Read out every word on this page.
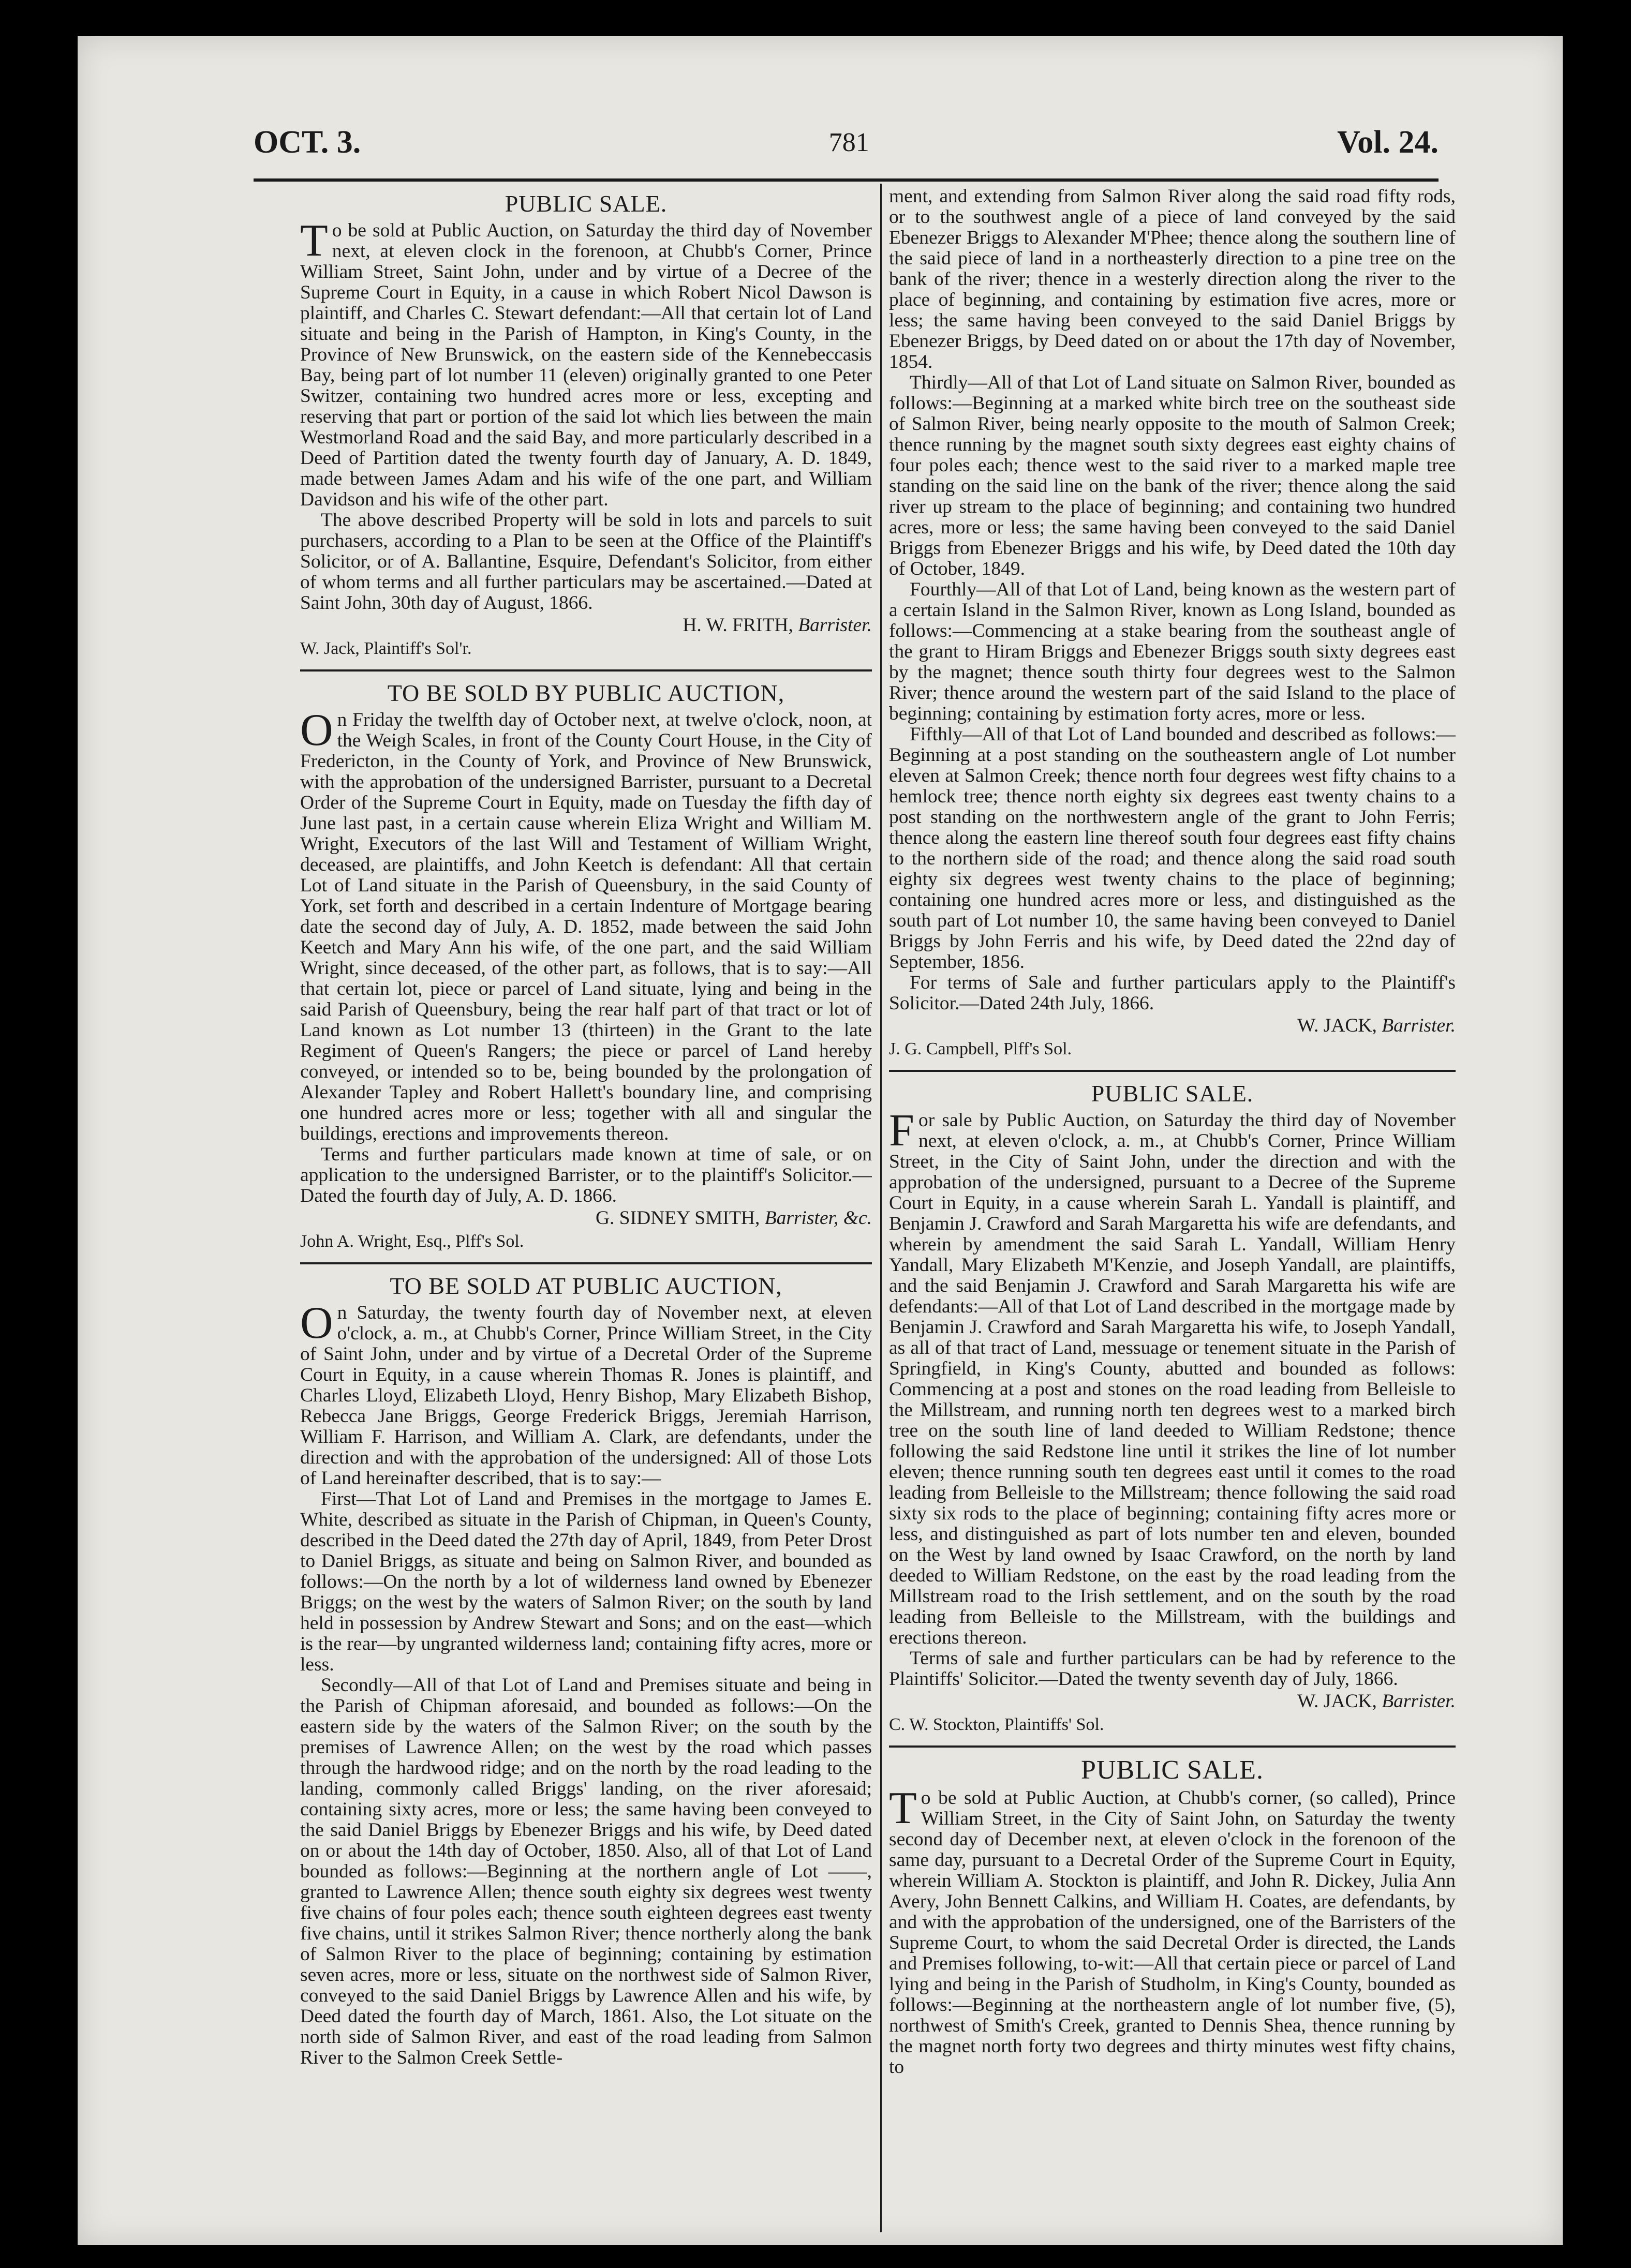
OCT. 3.	781	Vol. 24.
PUBLIC SALE.

To be sold at Public Auction, on Saturday the third day of November next, at eleven clock in the forenoon, at Chubb's Corner, Prince William Street, Saint John, under and by virtue of a Decree of the Supreme Court in Equity, in a cause in which Robert Nicol Dawson is plaintiff, and Charles C. Stewart defendant:—All that certain lot of Land situate and being in the Parish of Hampton, in King's County, in the Province of New Brunswick, on the eastern side of the Kennebeccasis Bay, being part of lot number 11 (eleven) originally granted to one Peter Switzer, containing two hundred acres more or less, excepting and reserving that part or portion of the said lot which lies between the main Westmorland Road and the said Bay, and more particularly described in a Deed of Partition dated the twenty fourth day of January, A. D. 1849, made between James Adam and his wife of the one part, and William Davidson and his wife of the other part.

The above described Property will be sold in lots and parcels to suit purchasers, according to a Plan to be seen at the Office of the Plaintiff's Solicitor, or of A. Ballantine, Esquire, Defendant's Solicitor, from either of whom terms and all further particulars may be ascertained.—Dated at Saint John, 30th day of August, 1866.

H. W. FRITH, Barrister.
W. Jack, Plaintiff's Sol'r.
TO BE SOLD BY PUBLIC AUCTION,

On Friday the twelfth day of October next, at twelve o'clock, noon, at the Weigh Scales, in front of the County Court House, in the City of Fredericton, in the County of York, and Province of New Brunswick, with the approbation of the undersigned Barrister, pursuant to a Decretal Order of the Supreme Court in Equity, made on Tuesday the fifth day of June last past, in a certain cause wherein Eliza Wright and William M. Wright, Executors of the last Will and Testament of William Wright, deceased, are plaintiffs, and John Keetch is defendant: All that certain Lot of Land situate in the Parish of Queensbury, in the said County of York, set forth and described in a certain Indenture of Mortgage bearing date the second day of July, A. D. 1852, made between the said John Keetch and Mary Ann his wife, of the one part, and the said William Wright, since deceased, of the other part, as follows, that is to say:—All that certain lot, piece or parcel of Land situate, lying and being in the said Parish of Queensbury, being the rear half part of that tract or lot of Land known as Lot number 13 (thirteen) in the Grant to the late Regiment of Queen's Rangers; the piece or parcel of Land hereby conveyed, or intended so to be, being bounded by the prolongation of Alexander Tapley and Robert Hallett's boundary line, and comprising one hundred acres more or less; together with all and singular the buildings, erections and improvements thereon.

Terms and further particulars made known at time of sale, or on application to the undersigned Barrister, or to the plaintiff's Solicitor.—Dated the fourth day of July, A. D. 1866.

G. SIDNEY SMITH, Barrister, &c.
John A. Wright, Esq., Plff's Sol.
TO BE SOLD AT PUBLIC AUCTION,

On Saturday, the twenty fourth day of November next, at eleven o'clock, a. m., at Chubb's Corner, Prince William Street, in the City of Saint John, under and by virtue of a Decretal Order of the Supreme Court in Equity, in a cause wherein Thomas R. Jones is plaintiff, and Charles Lloyd, Elizabeth Lloyd, Henry Bishop, Mary Elizabeth Bishop, Rebecca Jane Briggs, George Frederick Briggs, Jeremiah Harrison, William F. Harrison, and William A. Clark, are defendants, under the direction and with the approbation of the undersigned: All of those Lots of Land hereinafter described, that is to say:—

First—That Lot of Land and Premises in the mortgage to James E. White, described as situate in the Parish of Chipman, in Queen's County, described in the Deed dated the 27th day of April, 1849, from Peter Drost to Daniel Briggs, as situate and being on Salmon River, and bounded as follows:—On the north by a lot of wilderness land owned by Ebenezer Briggs; on the west by the waters of Salmon River; on the south by land held in possession by Andrew Stewart and Sons; and on the east—which is the rear—by ungranted wilderness land; containing fifty acres, more or less.

Secondly—All of that Lot of Land and Premises situate and being in the Parish of Chipman aforesaid, and bounded as follows:—On the eastern side by the waters of the Salmon River; on the south by the premises of Lawrence Allen; on the west by the road which passes through the hardwood ridge; and on the north by the road leading to the landing, commonly called Briggs' landing, on the river aforesaid; containing sixty acres, more or less; the same having been conveyed to the said Daniel Briggs by Ebenezer Briggs and his wife, by Deed dated on or about the 14th day of October, 1850. Also, all of that Lot of Land bounded as follows:—Beginning at the northern angle of Lot ——, granted to Lawrence Allen; thence south eighty six degrees west twenty five chains of four poles each; thence south eighteen degrees east twenty five chains, until it strikes Salmon River; thence northerly along the bank of Salmon River to the place of beginning; containing by estimation seven acres, more or less, situate on the northwest side of Salmon River, conveyed to the said Daniel Briggs by Lawrence Allen and his wife, by Deed dated the fourth day of March, 1861. Also, the Lot situate on the north side of Salmon River, and east of the road leading from Salmon River to the Salmon Creek Settle-

ment, and extending from Salmon River along the said road fifty rods, or to the southwest angle of a piece of land conveyed by the said Ebenezer Briggs to Alexander M'Phee; thence along the southern line of the said piece of land in a northeasterly direction to a pine tree on the bank of the river; thence in a westerly direction along the river to the place of beginning, and containing by estimation five acres, more or less; the same having been conveyed to the said Daniel Briggs by Ebenezer Briggs, by Deed dated on or about the 17th day of November, 1854.

Thirdly—All of that Lot of Land situate on Salmon River, bounded as follows:—Beginning at a marked white birch tree on the southeast side of Salmon River, being nearly opposite to the mouth of Salmon Creek; thence running by the magnet south sixty degrees east eighty chains of four poles each; thence west to the said river to a marked maple tree standing on the said line on the bank of the river; thence along the said river up stream to the place of beginning; and containing two hundred acres, more or less; the same having been conveyed to the said Daniel Briggs from Ebenezer Briggs and his wife, by Deed dated the 10th day of October, 1849.

Fourthly—All of that Lot of Land, being known as the western part of a certain Island in the Salmon River, known as Long Island, bounded as follows:—Commencing at a stake bearing from the southeast angle of the grant to Hiram Briggs and Ebenezer Briggs south sixty degrees east by the magnet; thence south thirty four degrees west to the Salmon River; thence around the western part of the said Island to the place of beginning; containing by estimation forty acres, more or less.

Fifthly—All of that Lot of Land bounded and described as follows:—Beginning at a post standing on the southeastern angle of Lot number eleven at Salmon Creek; thence north four degrees west fifty chains to a hemlock tree; thence north eighty six degrees east twenty chains to a post standing on the northwestern angle of the grant to John Ferris; thence along the eastern line thereof south four degrees east fifty chains to the northern side of the road; and thence along the said road south eighty six degrees west twenty chains to the place of beginning; containing one hundred acres more or less, and distinguished as the south part of Lot number 10, the same having been conveyed to Daniel Briggs by John Ferris and his wife, by Deed dated the 22nd day of September, 1856.

For terms of Sale and further particulars apply to the Plaintiff's Solicitor.—Dated 24th July, 1866.

W. JACK, Barrister.
J. G. Campbell, Plff's Sol.
PUBLIC SALE.

For sale by Public Auction, on Saturday the third day of November next, at eleven o'clock, a. m., at Chubb's Corner, Prince William Street, in the City of Saint John, under the direction and with the approbation of the undersigned, pursuant to a Decree of the Supreme Court in Equity, in a cause wherein Sarah L. Yandall is plaintiff, and Benjamin J. Crawford and Sarah Margaretta his wife are defendants, and wherein by amendment the said Sarah L. Yandall, William Henry Yandall, Mary Elizabeth M'Kenzie, and Joseph Yandall, are plaintiffs, and the said Benjamin J. Crawford and Sarah Margaretta his wife are defendants:—All of that Lot of Land described in the mortgage made by Benjamin J. Crawford and Sarah Margaretta his wife, to Joseph Yandall, as all of that tract of Land, messuage or tenement situate in the Parish of Springfield, in King's County, abutted and bounded as follows: Commencing at a post and stones on the road leading from Belleisle to the Millstream, and running north ten degrees west to a marked birch tree on the south line of land deeded to William Redstone; thence following the said Redstone line until it strikes the line of lot number eleven; thence running south ten degrees east until it comes to the road leading from Belleisle to the Millstream; thence following the said road sixty six rods to the place of beginning; containing fifty acres more or less, and distinguished as part of lots number ten and eleven, bounded on the West by land owned by Isaac Crawford, on the north by land deeded to William Redstone, on the east by the road leading from the Millstream road to the Irish settlement, and on the south by the road leading from Belleisle to the Millstream, with the buildings and erections thereon.

Terms of sale and further particulars can be had by reference to the Plaintiffs' Solicitor.—Dated the twenty seventh day of July, 1866.

W. JACK, Barrister.
C. W. Stockton, Plaintiffs' Sol.
PUBLIC SALE.

To be sold at Public Auction, at Chubb's corner, (so called), Prince William Street, in the City of Saint John, on Saturday the twenty second day of December next, at eleven o'clock in the forenoon of the same day, pursuant to a Decretal Order of the Supreme Court in Equity, wherein William A. Stockton is plaintiff, and John R. Dickey, Julia Ann Avery, John Bennett Calkins, and William H. Coates, are defendants, by and with the approbation of the undersigned, one of the Barristers of the Supreme Court, to whom the said Decretal Order is directed, the Lands and Premises following, to-wit:—All that certain piece or parcel of Land lying and being in the Parish of Studholm, in King's County, bounded as follows:—Beginning at the northeastern angle of lot number five, (5), northwest of Smith's Creek, granted to Dennis Shea, thence running by the magnet north forty two degrees and thirty minutes west fifty chains, to
